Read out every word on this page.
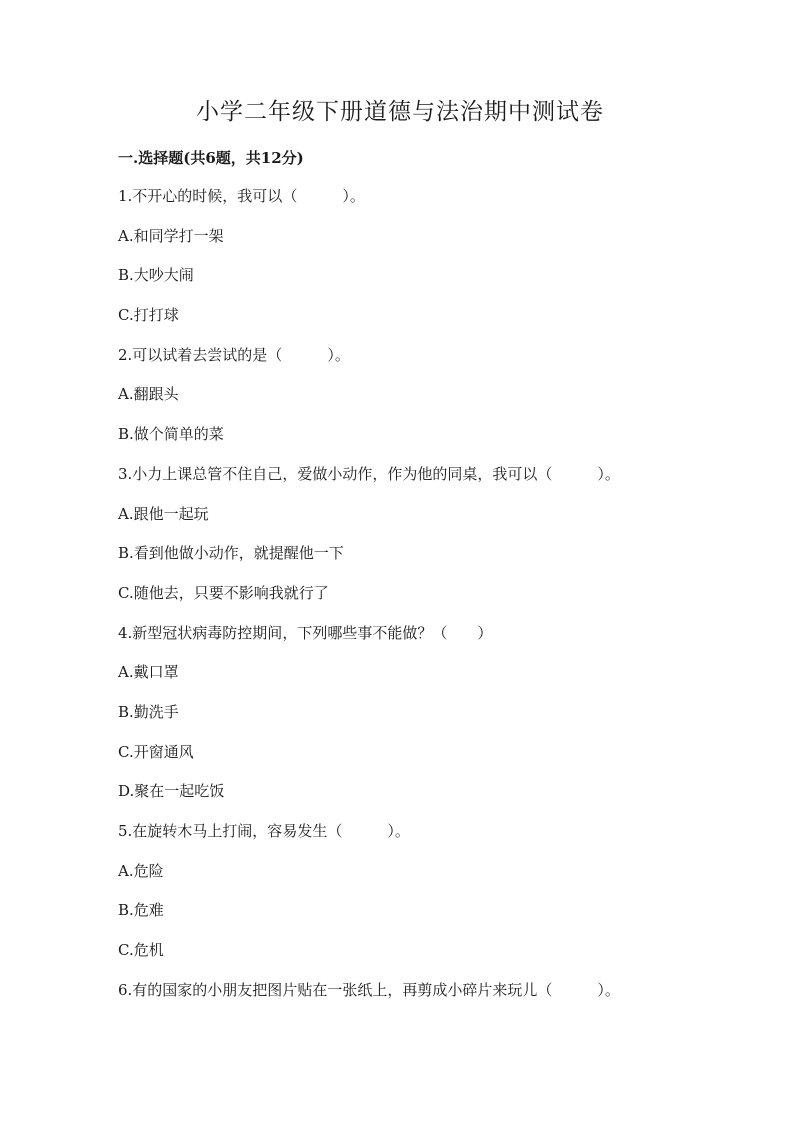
小学二年级下册道德与法治期中测试卷
一.选择题(共6题，共12分)
1.不开心的时候，我可以（　　　）。
A.和同学打一架
B.大吵大闹
C.打打球
2.可以试着去尝试的是（　　　）。
A.翻跟头
B.做个简单的菜
3.小力上课总管不住自己，爱做小动作，作为他的同桌，我可以（　　　）。
A.跟他一起玩
B.看到他做小动作，就提醒他一下
C.随他去，只要不影响我就行了
4.新型冠状病毒防控期间，下列哪些事不能做？（　　）
A.戴口罩
B.勤洗手
C.开窗通风
D.聚在一起吃饭
5.在旋转木马上打闹，容易发生（　　　）。
A.危险
B.危难
C.危机
6.有的国家的小朋友把图片贴在一张纸上，再剪成小碎片来玩儿（　　　）。
